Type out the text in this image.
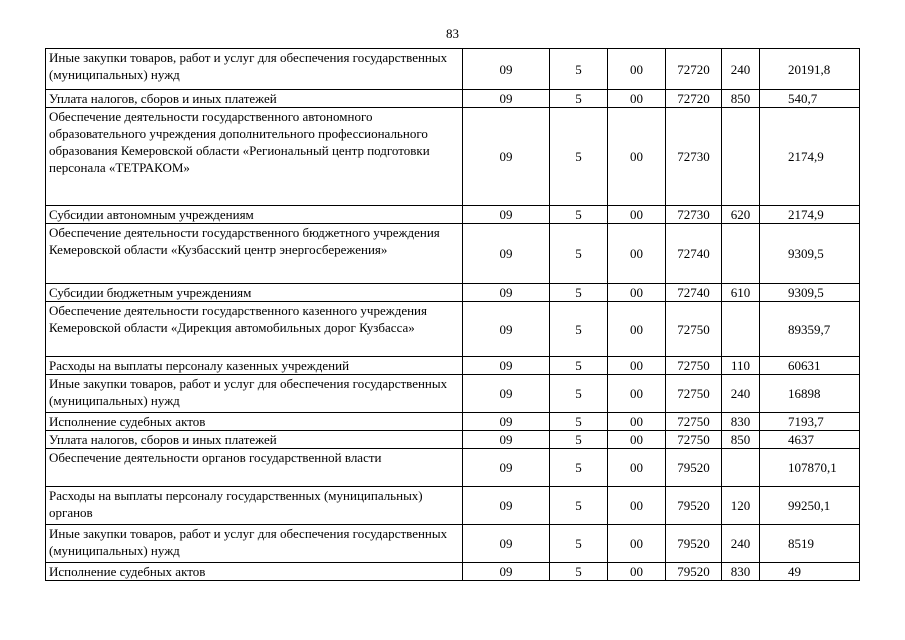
83
Иные закупки товаров, работ и услуг для обеспечения государственных (муниципальных) нужд	09	5	00	72720	240	20191,8
Уплата налогов, сборов и иных платежей	09	5	00	72720	850	540,7
Обеспечение деятельности государственного автономного образовательного учреждения дополнительного профессионального образования Кемеровской области «Региональный центр подготовки персонала «ТЕТРАКОМ»	09	5	00	72730		2174,9
Субсидии автономным учреждениям	09	5	00	72730	620	2174,9
Обеспечение деятельности государственного бюджетного учреждения Кемеровской области «Кузбасский центр энергосбережения»	09	5	00	72740		9309,5
Субсидии бюджетным учреждениям	09	5	00	72740	610	9309,5
Обеспечение деятельности государственного казенного учреждения Кемеровской области «Дирекция автомобильных дорог Кузбасса»	09	5	00	72750		89359,7
Расходы на выплаты персоналу казенных учреждений	09	5	00	72750	110	60631
Иные закупки товаров, работ и услуг для обеспечения государственных (муниципальных) нужд	09	5	00	72750	240	16898
Исполнение судебных актов	09	5	00	72750	830	7193,7
Уплата налогов, сборов и иных платежей	09	5	00	72750	850	4637
Обеспечение деятельности органов государственной власти	09	5	00	79520		107870,1
Расходы на выплаты персоналу государственных (муниципальных) органов	09	5	00	79520	120	99250,1
Иные закупки товаров, работ и услуг для обеспечения государственных (муниципальных) нужд	09	5	00	79520	240	8519
Исполнение судебных актов	09	5	00	79520	830	49
